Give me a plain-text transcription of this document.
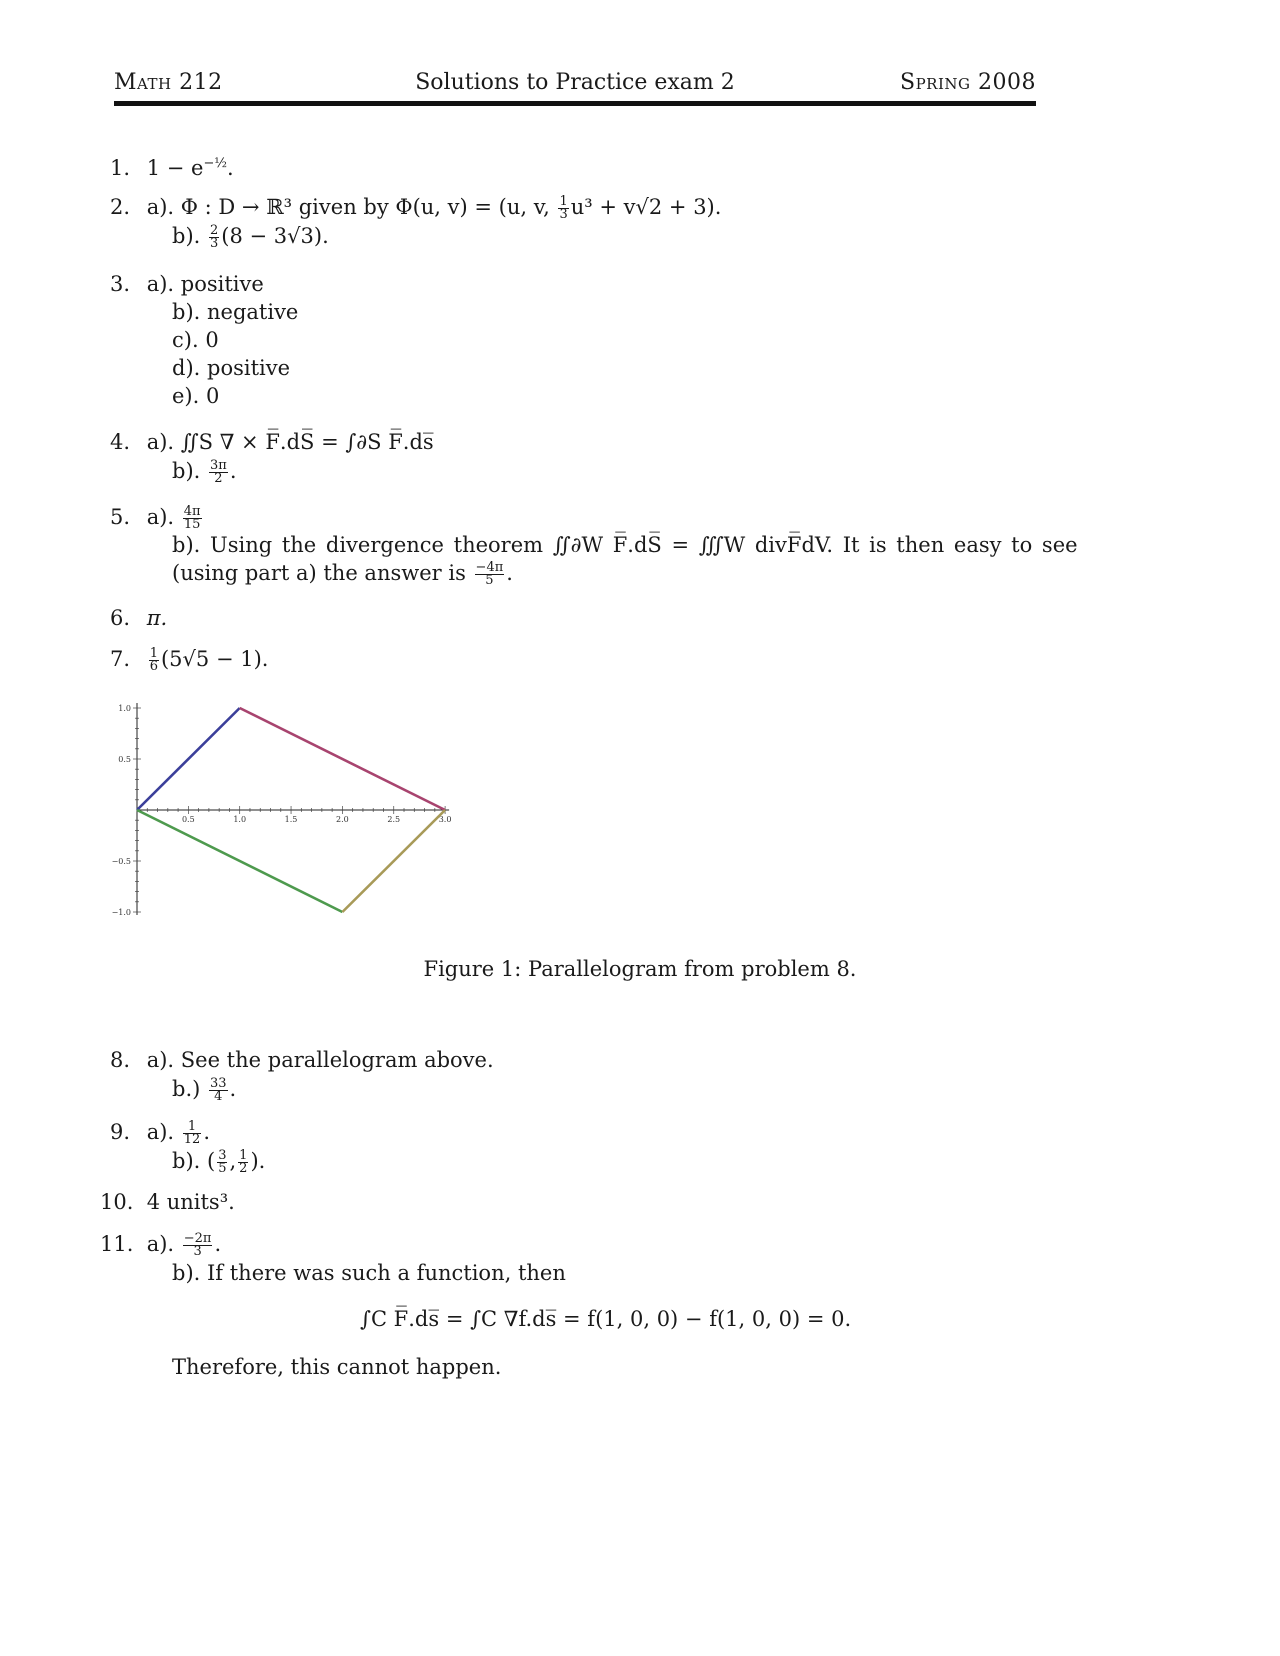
Math 212	Solutions to Practice exam 2	Spring 2008
1. $1 - e^{-\frac{1}{2}}$.
2. a). Φ : D → ℝ³ given by Φ(u, v) = (u, v, $\frac{1}{3} u^3 + v√2 + 3$).
b). $\frac{2}{3} (8 - 3√3)$.
3. a). positive
b). negative
c). 0
d). positive
e). 0
4. a). ∬S ∇ × F̅.dS̅ = ∫∂S F̅.ds̅
b). $\frac{3\pi}{2}$ .
5. a). $\frac{4\pi}{15}$
b). Using the divergence theorem ∬∂W F̅.dS̅ = ∭W divF̅dV. It is then easy to see
(using part a) the answer is $\frac{-4\pi}{5}$ .
6. π.
7. $\frac{1}{6} (5√5 - 1)$.
0.5	1.0	1.5	2.0	2.5	3.0
1.0
0.5
−0.5
−1.0
Figure 1: Parallelogram from problem 8.
8. a). See the parallelogram above.
$b.) \frac{33}{4}$ .
9. a). $\frac{1}{12}$ .
b). ( $\frac{3}{5}$ , $\frac{1}{2}$ ).
10. 4 units³.
11. a). $\frac{-2\pi}{3}$ .
b). If there was such a function, then
∫C F̅.ds̅ = ∫C ∇f.ds̅ = f(1, 0, 0) − f(1, 0, 0) = 0.
Therefore, this cannot happen.
